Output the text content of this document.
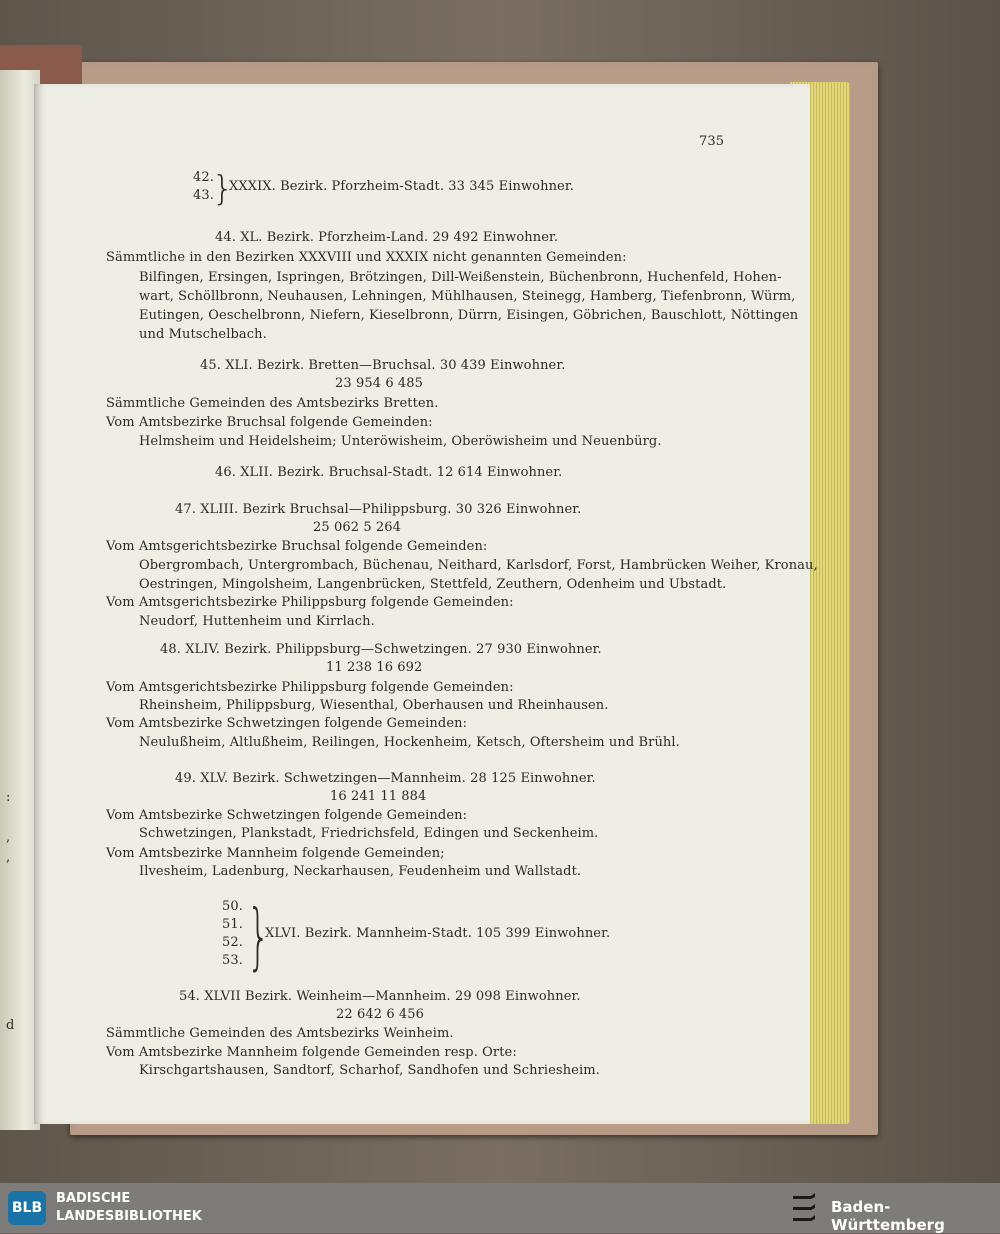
:
,
,
d
735
42.
43.
XXXIX. Bezirk. Pforzheim-Stadt. 33 345 Einwohner.
44. XL. Bezirk. Pforzheim-Land. 29 492 Einwohner.
Sämmtliche in den Bezirken XXXVIII und XXXIX nicht genannten Gemeinden:
Bilfingen, Ersingen, Ispringen, Brötzingen, Dill-Weißenstein, Büchenbronn, Huchenfeld, Hohen-
wart, Schöllbronn, Neuhausen, Lehningen, Mühlhausen, Steinegg, Hamberg, Tiefenbronn, Würm,
Eutingen, Oeschelbronn, Niefern, Kieselbronn, Dürrn, Eisingen, Göbrichen, Bauschlott, Nöttingen
und Mutschelbach.
45. XLI. Bezirk. Bretten—Bruchsal. 30 439 Einwohner.
23 954 6 485
Sämmtliche Gemeinden des Amtsbezirks Bretten.
Vom Amtsbezirke Bruchsal folgende Gemeinden:
Helmsheim und Heidelsheim; Unteröwisheim, Oberöwisheim und Neuenbürg.
46. XLII. Bezirk. Bruchsal-Stadt. 12 614 Einwohner.
47. XLIII. Bezirk Bruchsal—Philippsburg. 30 326 Einwohner.
25 062 5 264
Vom Amtsgerichtsbezirke Bruchsal folgende Gemeinden:
Obergrombach, Untergrombach, Büchenau, Neithard, Karlsdorf, Forst, Hambrücken Weiher, Kronau,
Oestringen, Mingolsheim, Langenbrücken, Stettfeld, Zeuthern, Odenheim und Ubstadt.
Vom Amtsgerichtsbezirke Philippsburg folgende Gemeinden:
Neudorf, Huttenheim und Kirrlach.
48. XLIV. Bezirk. Philippsburg—Schwetzingen. 27 930 Einwohner.
11 238 16 692
Vom Amtsgerichtsbezirke Philippsburg folgende Gemeinden:
Rheinsheim, Philippsburg, Wiesenthal, Oberhausen und Rheinhausen.
Vom Amtsbezirke Schwetzingen folgende Gemeinden:
Neulußheim, Altlußheim, Reilingen, Hockenheim, Ketsch, Oftersheim und Brühl.
49. XLV. Bezirk. Schwetzingen—Mannheim. 28 125 Einwohner.
16 241 11 884
Vom Amtsbezirke Schwetzingen folgende Gemeinden:
Schwetzingen, Plankstadt, Friedrichsfeld, Edingen und Seckenheim.
Vom Amtsbezirke Mannheim folgende Gemeinden;
Ilvesheim, Ladenburg, Neckarhausen, Feudenheim und Wallstadt.
50.
51.
52.
53.
XLVI. Bezirk. Mannheim-Stadt. 105 399 Einwohner.
54. XLVII Bezirk. Weinheim—Mannheim. 29 098 Einwohner.
22 642 6 456
Sämmtliche Gemeinden des Amtsbezirks Weinheim.
Vom Amtsbezirke Mannheim folgende Gemeinden resp. Orte:
Kirschgartshausen, Sandtorf, Scharhof, Sandhofen und Schriesheim.
}
}
BLB
BADISCHE
LANDESBIBLIOTHEK
Baden-Württemberg
